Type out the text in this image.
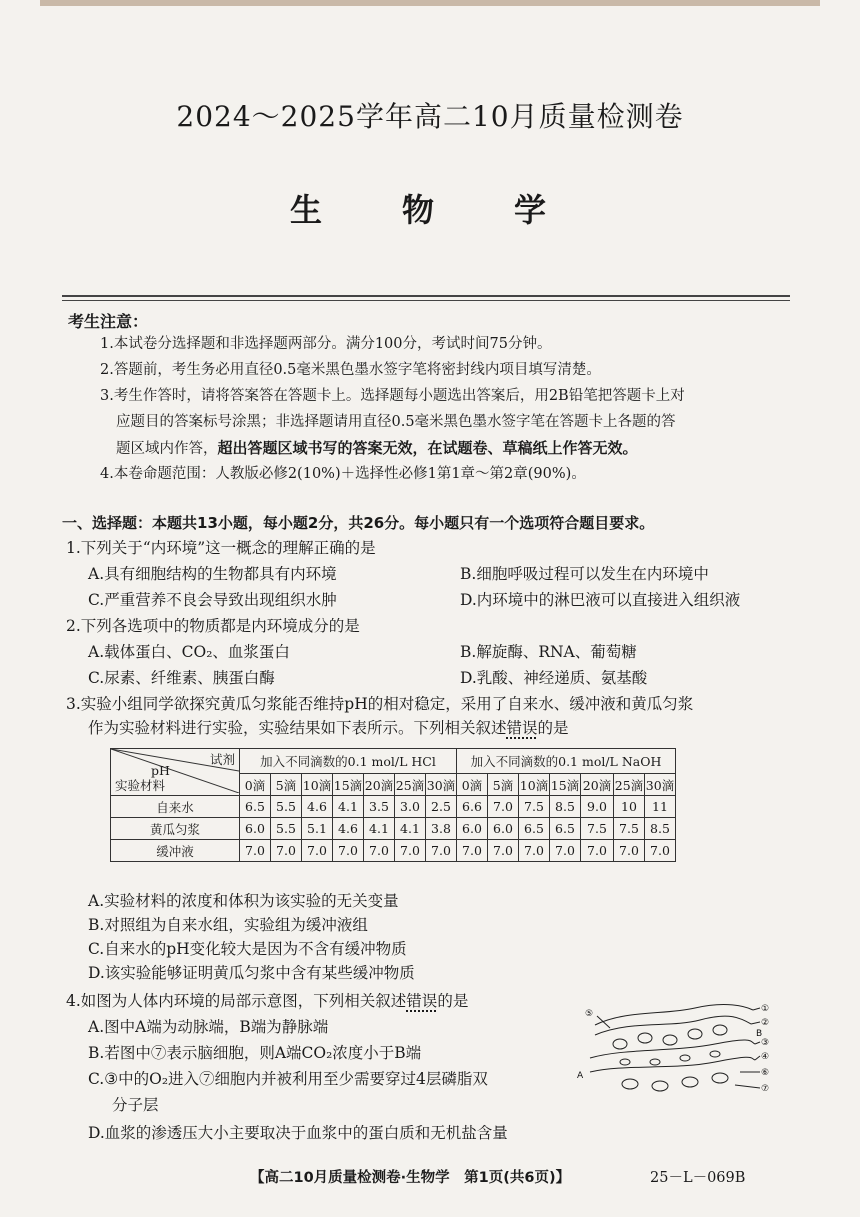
2024～2025学年高二10月质量检测卷
生　物　学
考生注意：
1.本试卷分选择题和非选择题两部分。满分100分，考试时间75分钟。
2.答题前，考生务必用直径0.5毫米黑色墨水签字笔将密封线内项目填写清楚。
3.考生作答时，请将答案答在答题卡上。选择题每小题选出答案后，用2B铅笔把答题卡上对
应题目的答案标号涂黑；非选择题请用直径0.5毫米黑色墨水签字笔在答题卡上各题的答
题区域内作答，超出答题区域书写的答案无效，在试题卷、草稿纸上作答无效。
4.本卷命题范围：人教版必修2(10%)＋选择性必修1第1章～第2章(90%)。
一、选择题：本题共13小题，每小题2分，共26分。每小题只有一个选项符合题目要求。
1.下列关于“内环境”这一概念的理解正确的是
A.具有细胞结构的生物都具有内环境	B.细胞呼吸过程可以发生在内环境中
C.严重营养不良会导致出现组织水肿	D.内环境中的淋巴液可以直接进入组织液
2.下列各选项中的物质都是内环境成分的是
A.载体蛋白、CO₂、血浆蛋白	B.解旋酶、RNA、葡萄糖
C.尿素、纤维素、胰蛋白酶	D.乳酸、神经递质、氨基酸
3.实验小组同学欲探究黄瓜匀浆能否维持pH的相对稳定，采用了自来水、缓冲液和黄瓜匀浆
作为实验材料进行实验，实验结果如下表所示。下列相关叙述错误的是
试剂
pH
实验材料	加入不同滴数的0.1 mol/L HCl							加入不同滴数的0.1 mol/L NaOH						
	0滴	5滴	10滴	15滴	20滴	25滴	30滴	0滴	5滴	10滴	15滴	20滴	25滴	30滴
自来水	6.5	5.5	4.6	4.1	3.5	3.0	2.5	6.6	7.0	7.5	8.5	9.0	10	11
黄瓜匀浆	6.0	5.5	5.1	4.6	4.1	4.1	3.8	6.0	6.0	6.5	6.5	7.5	7.5	8.5
缓冲液	7.0	7.0	7.0	7.0	7.0	7.0	7.0	7.0	7.0	7.0	7.0	7.0	7.0	7.0
A.实验材料的浓度和体积为该实验的无关变量
B.对照组为自来水组，实验组为缓冲液组
C.自来水的pH变化较大是因为不含有缓冲物质
D.该实验能够证明黄瓜匀浆中含有某些缓冲物质
4.如图为人体内环境的局部示意图，下列相关叙述错误的是
A.图中A端为动脉端，B端为静脉端
B.若图中⑦表示脑细胞，则A端CO₂浓度小于B端
C.③中的O₂进入⑦细胞内并被利用至少需要穿过4层磷脂双
分子层
D.血浆的渗透压大小主要取决于血浆中的蛋白质和无机盐含量
①
②
③
④
⑥
⑦
⑤
A
B
【高二10月质量检测卷·生物学　第1页(共6页)】	25－L－069B
